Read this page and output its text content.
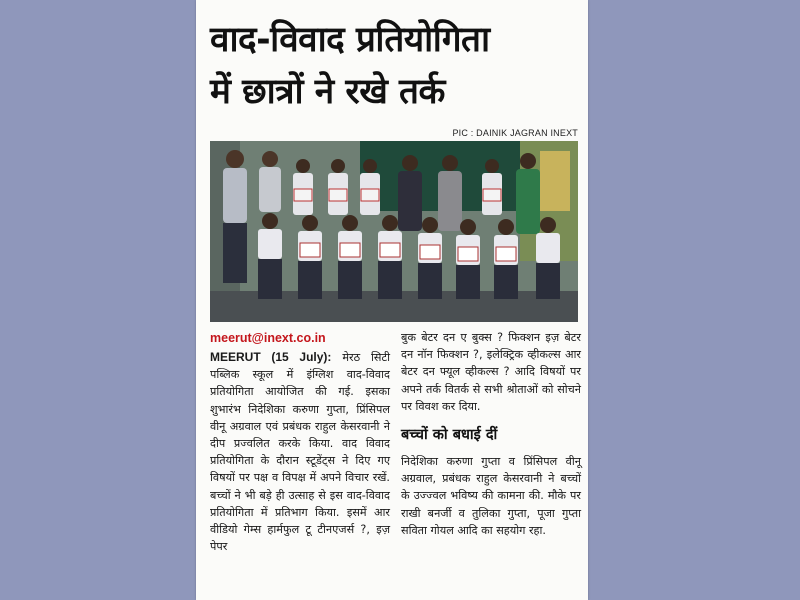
वाद-विवाद प्रतियोगिता
में छात्रों ने रखे तर्क
PIC : DAINIK JAGRAN INEXT
meerut@inext.co.in
MEERUT (15 July): मेरठ सिटी पब्लिक स्कूल में इंग्लिश वाद-विवाद प्रतियोगिता आयोजित की गई. इसका शुभारंभ निदेशिका करुणा गुप्ता, प्रिंसिपल वीनू अग्रवाल एवं प्रबंधक राहुल केसरवानी ने दीप प्रज्वलित करके किया. वाद विवाद प्रतियोगिता के दौरान स्टूडेंट्स ने दिए गए विषयों पर पक्ष व विपक्ष में अपने विचार रखें. बच्चों ने भी बड़े ही उत्साह से इस वाद-विवाद प्रतियोगिता में प्रतिभाग किया. इसमें आर वीडियो गेम्स हार्मफुल टू टीनएजर्स ?, इज़ पेपर
बुक बेटर दन ए बुक्स ? फिक्शन इज़ बेटर दन नॉन फिक्शन ?, इलेक्ट्रिक व्हीकल्स आर बेटर दन फ्यूल व्हीकल्स ? आदि विषयों पर अपने तर्क वितर्क से सभी श्रोताओं को सोचने पर विवश कर दिया.
बच्चों को बधाई दीं
निदेशिका करुणा गुप्ता व प्रिंसिपल वीनू अग्रवाल, प्रबंधक राहुल केसरवानी ने बच्चों के उज्ज्वल भविष्य की कामना की. मौके पर राखी बनर्जी व तुलिका गुप्ता, पूजा गुप्ता सविता गोयल आदि का सहयोग रहा.
